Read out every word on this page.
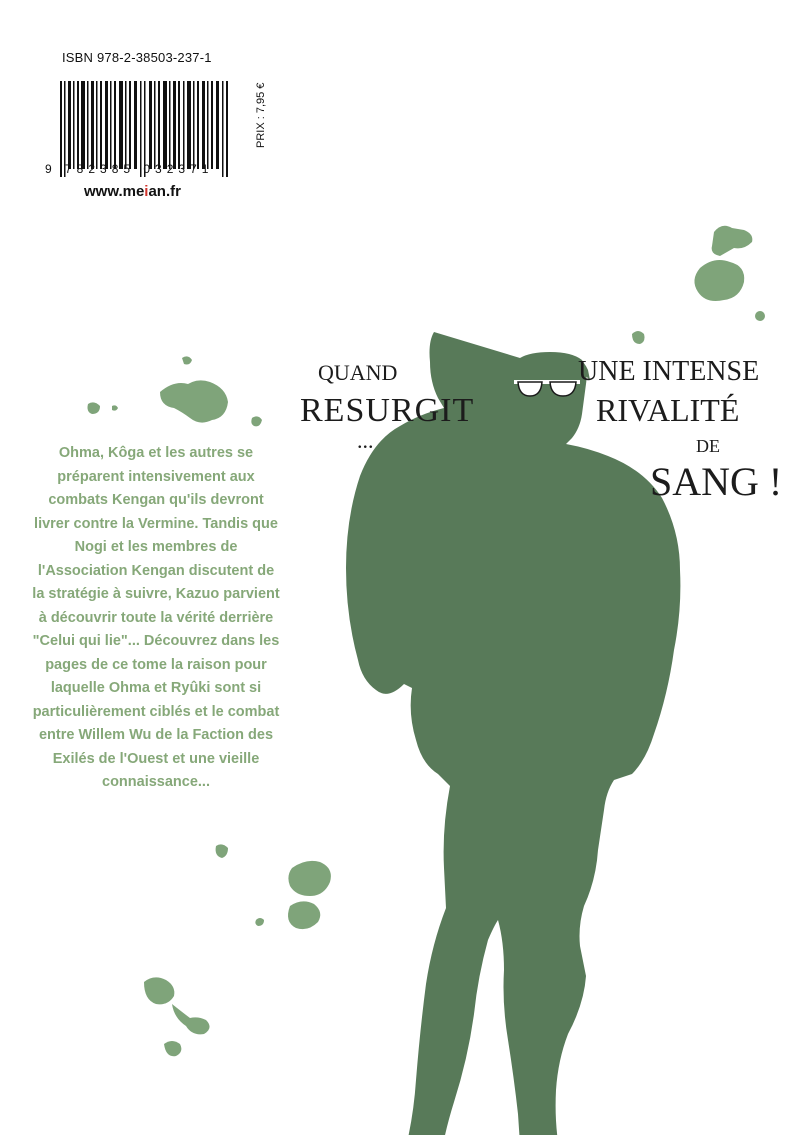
ISBN 978-2-38503-237-1
9 782385 032371
PRIX : 7,95 €
www.meian.fr
Ohma, Kôga et les autres se préparent intensivement aux combats Kengan qu'ils devront livrer contre la Vermine. Tandis que Nogi et les membres de l'Association Kengan discutent de la stratégie à suivre, Kazuo parvient à découvrir toute la vérité derrière "Celui qui lie"... Découvrez dans les pages de ce tome la raison pour laquelle Ohma et Ryûki sont si particulièrement ciblés et le combat entre Willem Wu de la Faction des Exilés de l'Ouest et une vieille connaissance...
QUAND
RESURGIT
...
UNE INTENSE
RIVALITÉ
DE
SANG !
